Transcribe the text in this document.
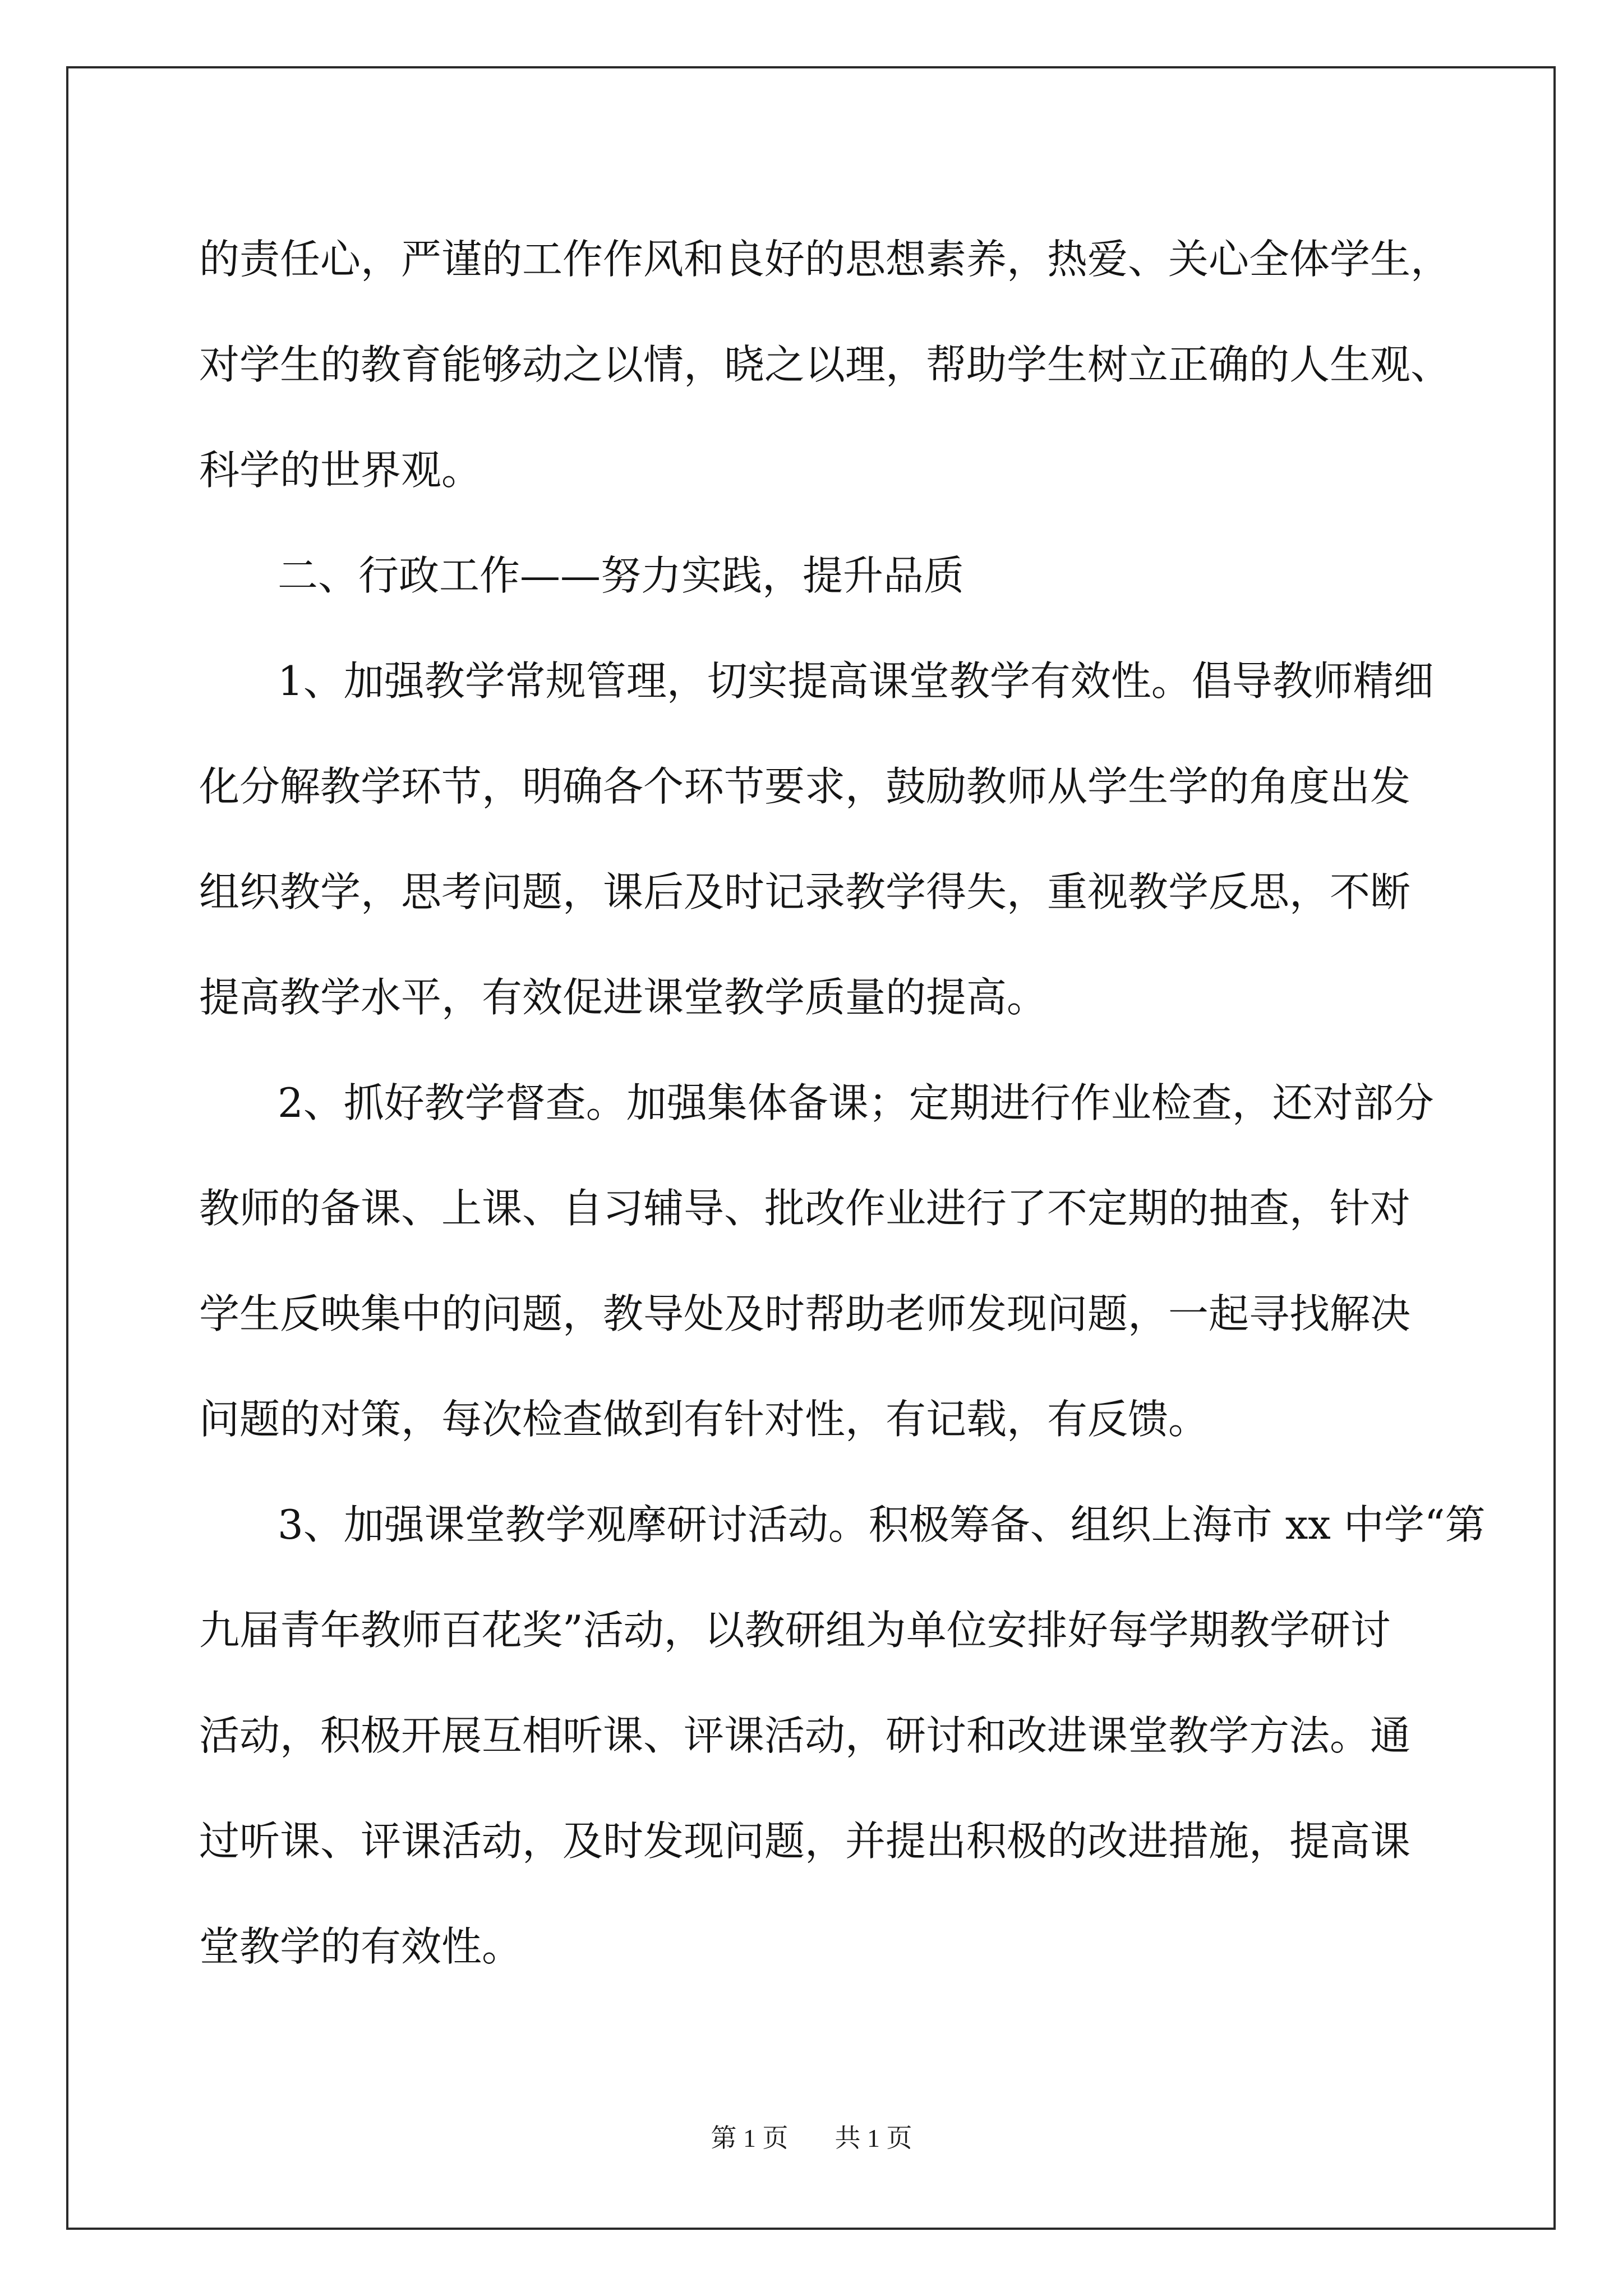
的责任心，严谨的工作作风和良好的思想素养，热爱、关心全体学生，
对学生的教育能够动之以情，晓之以理，帮助学生树立正确的人生观、
科学的世界观。
二、行政工作——努力实践，提升品质
1、加强教学常规管理，切实提高课堂教学有效性。倡导教师精细
化分解教学环节，明确各个环节要求，鼓励教师从学生学的角度出发
组织教学，思考问题，课后及时记录教学得失，重视教学反思，不断
提高教学水平，有效促进课堂教学质量的提高。
2、抓好教学督查。加强集体备课；定期进行作业检查，还对部分
教师的备课、上课、自习辅导、批改作业进行了不定期的抽查，针对
学生反映集中的问题，教导处及时帮助老师发现问题，一起寻找解决
问题的对策，每次检查做到有针对性，有记载，有反馈。
3、加强课堂教学观摩研讨活动。积极筹备、组织上海市 xx 中学“第
九届青年教师百花奖”活动，以教研组为单位安排好每学期教学研讨
活动，积极开展互相听课、评课活动，研讨和改进课堂教学方法。通
过听课、评课活动，及时发现问题，并提出积极的改进措施，提高课
堂教学的有效性。
第 1 页 共 1 页
